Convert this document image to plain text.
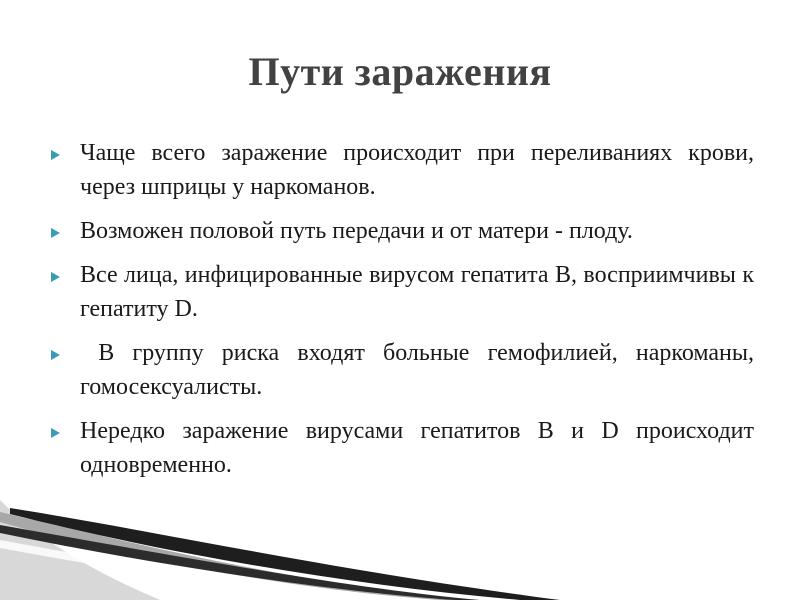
Пути заражения
Чаще всего заражение происходит при переливаниях крови, через шприцы у наркоманов.
Возможен половой путь передачи и от матери - плоду.
Все лица, инфицированные вирусом гепатита B, восприимчивы к гепатиту D.
В группу риска входят больные гемофилией, наркоманы, гомосексуалисты.
Нередко заражение вирусами гепатитов B и D происходит одновременно.
